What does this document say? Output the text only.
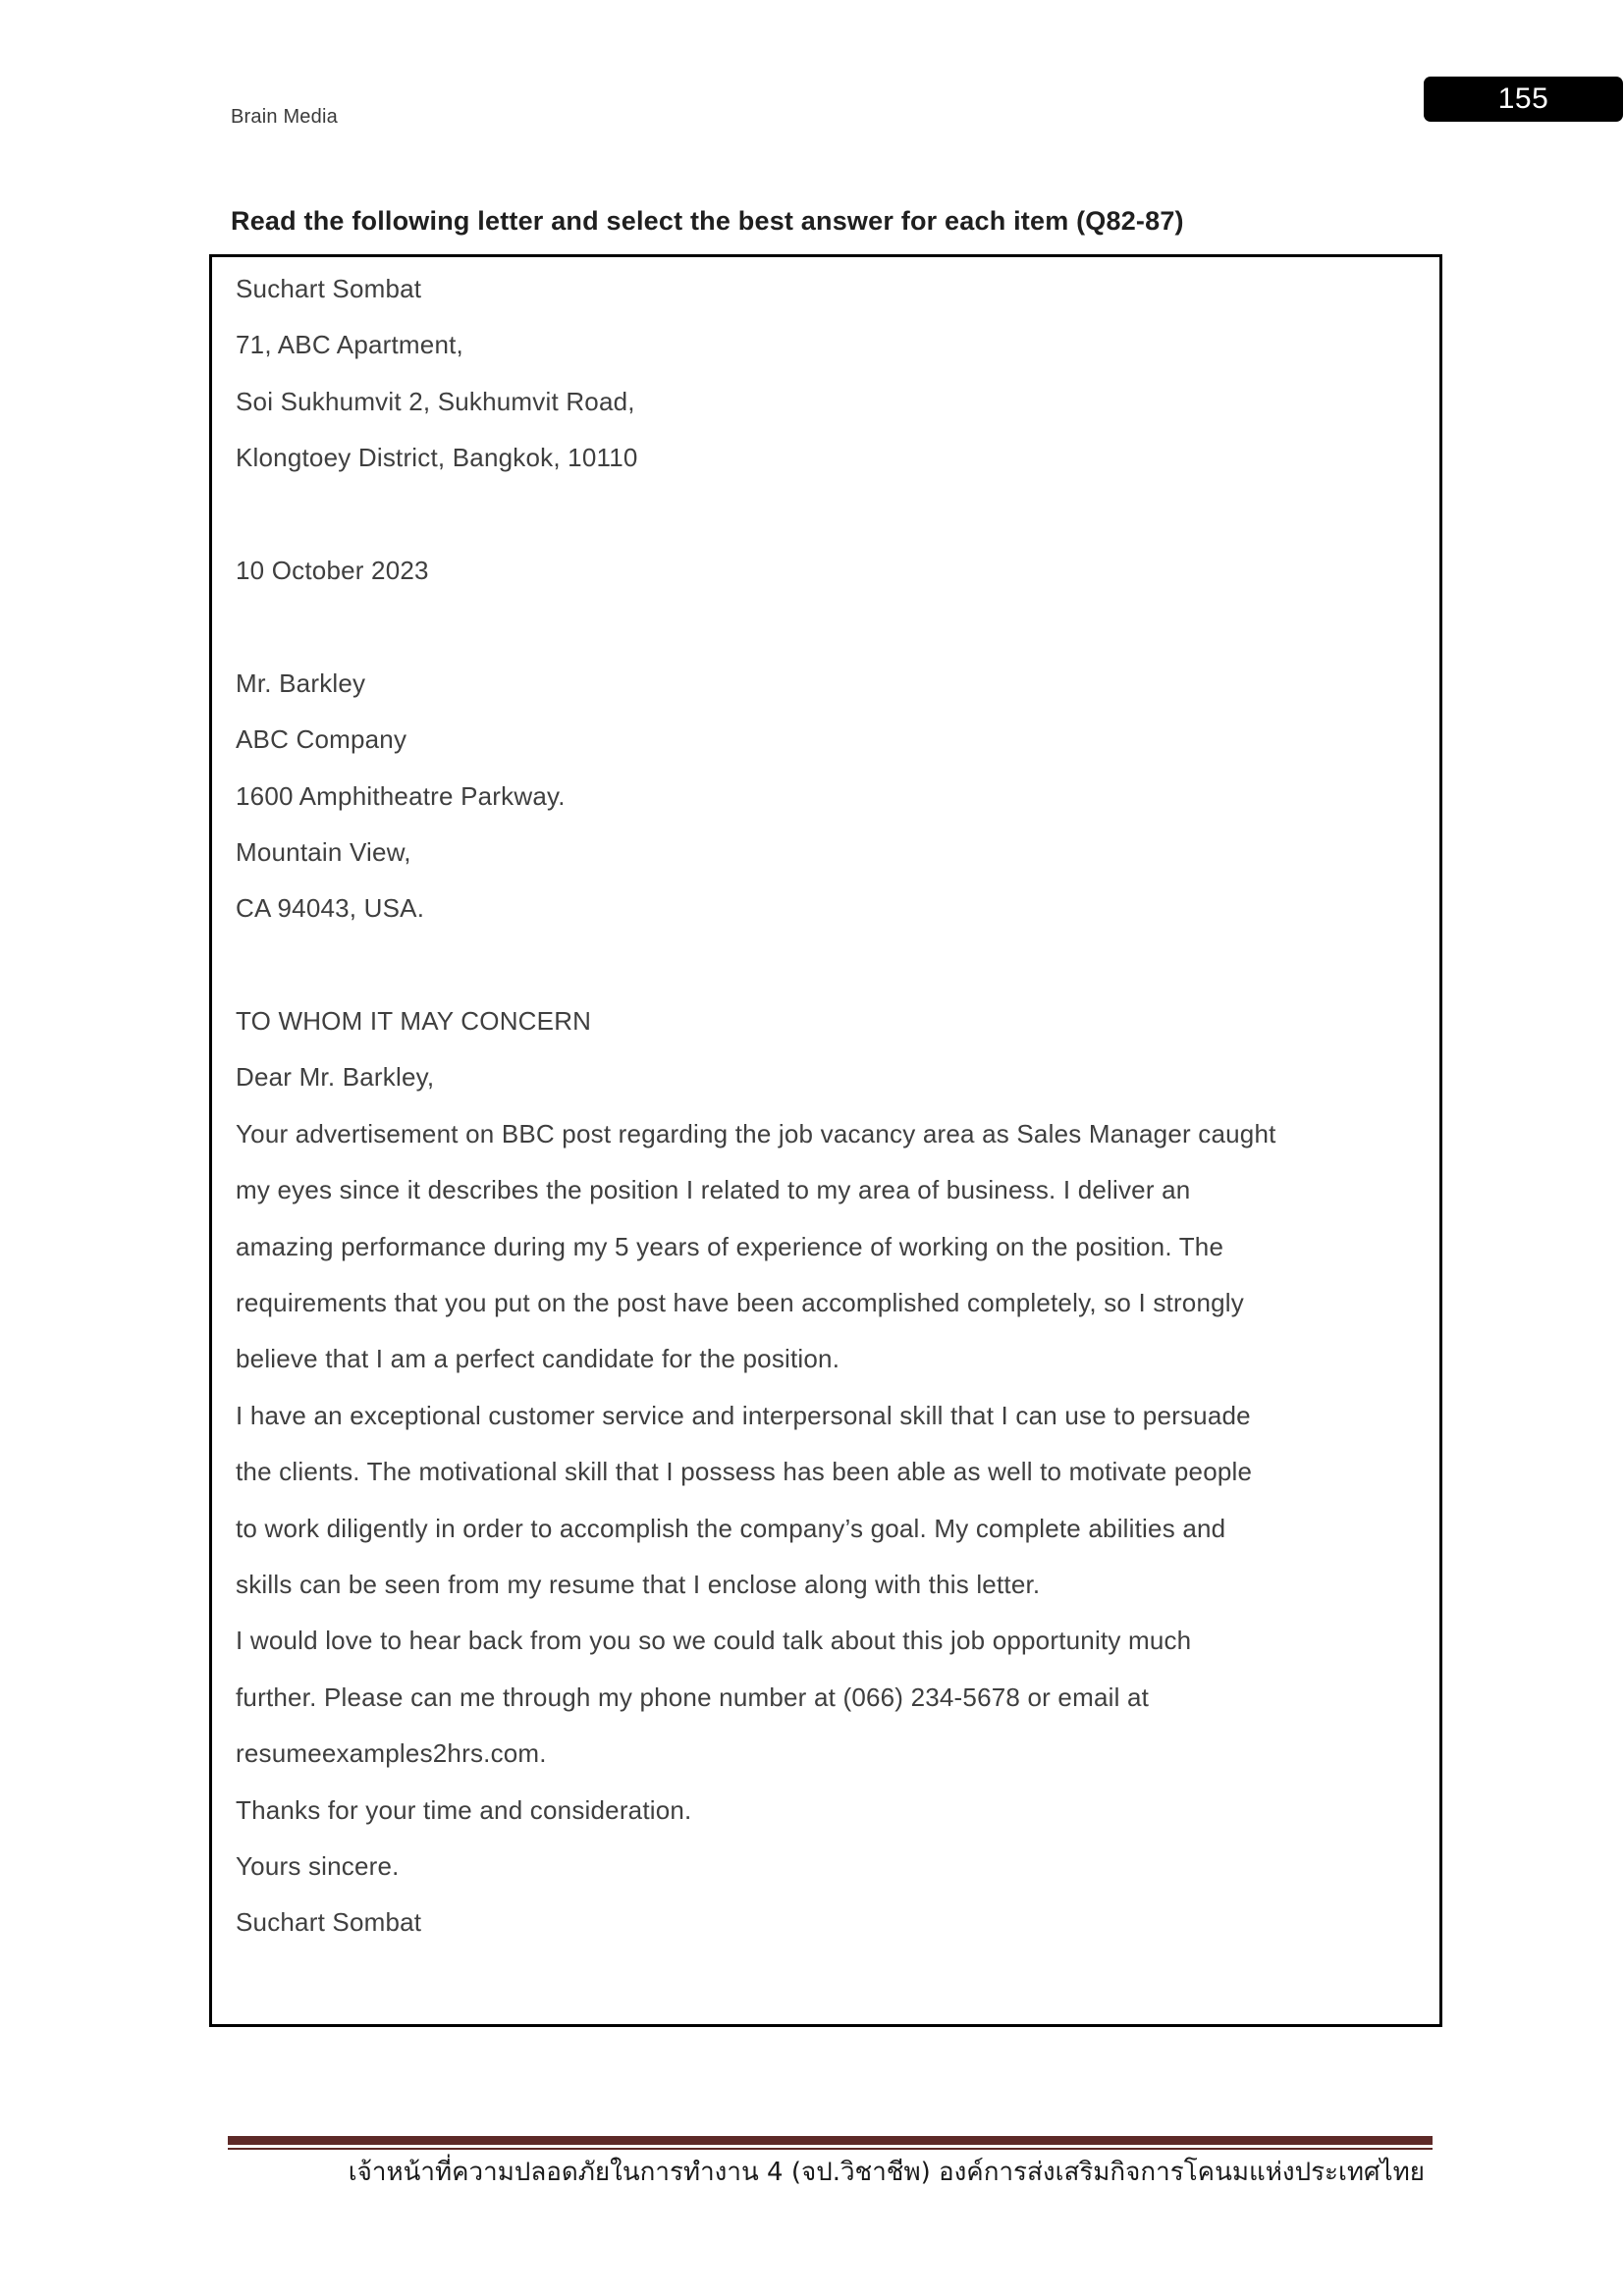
Brain Media
155
Read the following letter and select the best answer for each item (Q82-87)
Suchart Sombat
71, ABC Apartment,
Soi Sukhumvit 2, Sukhumvit Road,
Klongtoey District, Bangkok, 10110

10 October 2023

Mr. Barkley
ABC Company
1600 Amphitheatre Parkway.
Mountain View,
CA 94043, USA.

TO WHOM IT MAY CONCERN
Dear Mr. Barkley,
Your advertisement on BBC post regarding the job vacancy area as Sales Manager caught
my eyes since it describes the position I related to my area of business. I deliver an
amazing performance during my 5 years of experience of working on the position. The
requirements that you put on the post have been accomplished completely, so I strongly
believe that I am a perfect candidate for the position.
I have an exceptional customer service and interpersonal skill that I can use to persuade
the clients. The motivational skill that I possess has been able as well to motivate people
to work diligently in order to accomplish the company’s goal. My complete abilities and
skills can be seen from my resume that I enclose along with this letter.
I would love to hear back from you so we could talk about this job opportunity much
further. Please can me through my phone number at (066) 234-5678 or email at
resumeexamples2hrs.com.
Thanks for your time and consideration.
Yours sincere.
Suchart Sombat
เจ้าหน้าที่ความปลอดภัยในการทำงาน 4 (จป.วิชาชีพ) องค์การส่งเสริมกิจการโคนมแห่งประเทศไทย
